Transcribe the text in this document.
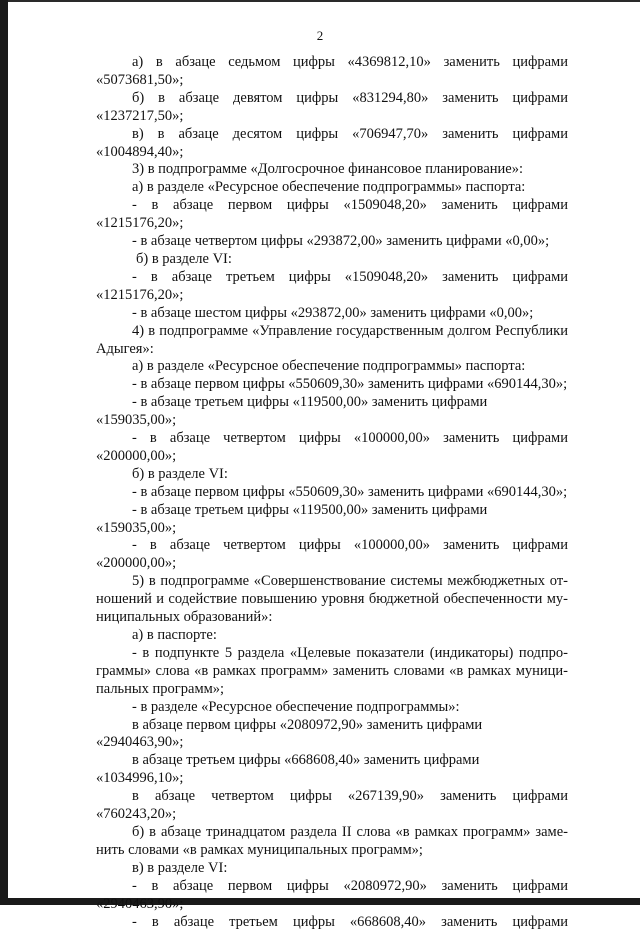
2

а) в абзаце седьмом цифры «4369812,10» заменить цифрами

«5073681,50»;

б) в абзаце девятом цифры «831294,80» заменить цифрами

«1237217,50»;

в) в абзаце десятом цифры «706947,70» заменить цифрами

«1004894,40»;

3) в подпрограмме «Долгосрочное финансовое планирование»:

а) в разделе «Ресурсное обеспечение подпрограммы» паспорта:

- в абзаце первом цифры «1509048,20» заменить цифрами

«1215176,20»;

- в абзаце четвертом цифры «293872,00» заменить цифрами «0,00»;

б) в разделе VI:

- в абзаце третьем цифры «1509048,20» заменить цифрами

«1215176,20»;

- в абзаце шестом цифры «293872,00» заменить цифрами «0,00»;

4) в подпрограмме «Управление государственным долгом Республики

Адыгея»:

а) в разделе «Ресурсное обеспечение подпрограммы» паспорта:

- в абзаце первом цифры «550609,30» заменить цифрами «690144,30»;

- в абзаце третьем цифры «119500,00» заменить цифрами «159035,00»;

- в абзаце четвертом цифры «100000,00» заменить цифрами

«200000,00»;

б) в разделе VI:

- в абзаце первом цифры «550609,30» заменить цифрами «690144,30»;

- в абзаце третьем цифры «119500,00» заменить цифрами «159035,00»;

- в абзаце четвертом цифры «100000,00» заменить цифрами

«200000,00»;

5) в подпрограмме «Совершенствование системы межбюджетных от-

ношений и содействие повышению уровня бюджетной обеспеченности му-

ниципальных образований»:

а) в паспорте:

- в подпункте 5 раздела «Целевые показатели (индикаторы) подпро-

граммы» слова «в рамках программ» заменить словами «в рамках муници-

пальных программ»;

- в разделе «Ресурсное обеспечение подпрограммы»:

в абзаце первом цифры «2080972,90» заменить цифрами «2940463,90»;

в абзаце третьем цифры «668608,40» заменить цифрами «1034996,10»;

в абзаце четвертом цифры «267139,90» заменить цифрами

«760243,20»;

б) в абзаце тринадцатом раздела II слова «в рамках программ» заме-

нить словами «в рамках муниципальных программ»;

в) в разделе VI:

- в абзаце первом цифры «2080972,90» заменить цифрами

«2940463,90»;

- в абзаце третьем цифры «668608,40» заменить цифрами
